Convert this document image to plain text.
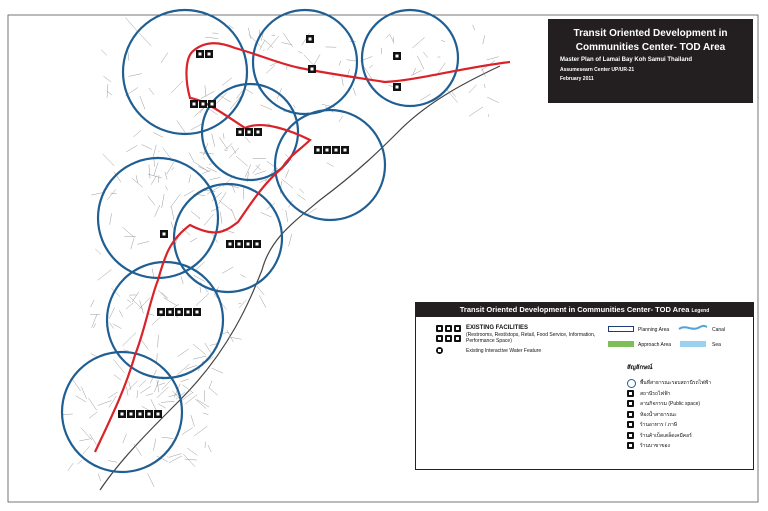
Transit Oriented Development in
Communities Center- TOD Area
Master Plan of Lamai Bay Koh Samui Thailand
Assumesearn Center UP/UR-21
February 2011
Transit Oriented Development in Communities Center- TOD Area Legend
EXISTING FACILITIES
(Restrooms, Rest/stops, Retail, Food Service, Information, Performance Space)
Existing Interactive Water Feature
Planning Area
Approach Area
Canal
Sea
สัญลักษณ์
พื้นที่สาธารณะรอบสถานีรถไฟฟ้า
สถานีรถไฟฟ้า
ลานกิจกรรม (Public space)
ห้องน้ำสาธารณะ
ร้านอาหาร / ภาษี
ร้านค้าเบ็ดเตล็ดเคมีคอร์
ร้านบาขาของ
